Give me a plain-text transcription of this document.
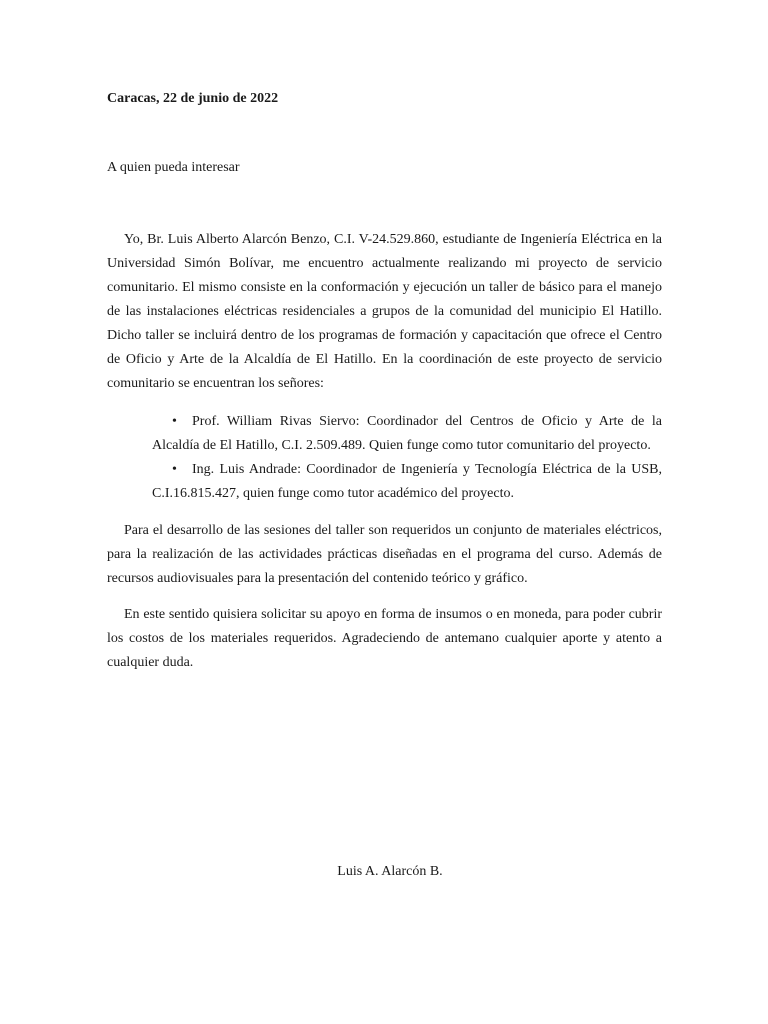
Caracas, 22 de junio de 2022
A quien pueda interesar

Yo, Br. Luis Alberto Alarcón Benzo, C.I. V-24.529.860, estudiante de Ingeniería Eléctrica en la Universidad Simón Bolívar, me encuentro actualmente realizando mi proyecto de servicio comunitario. El mismo consiste en la conformación y ejecución un taller de básico para el manejo de las instalaciones eléctricas residenciales a grupos de la comunidad del municipio El Hatillo. Dicho taller se incluirá dentro de los programas de formación y capacitación que ofrece el Centro de Oficio y Arte de la Alcaldía de El Hatillo. En la coordinación de este proyecto de servicio comunitario se encuentran los señores:

• Prof. William Rivas Siervo: Coordinador del Centros de Oficio y Arte de la Alcaldía de El Hatillo, C.I. 2.509.489. Quien funge como tutor comunitario del proyecto.
• Ing. Luis Andrade: Coordinador de Ingeniería y Tecnología Eléctrica de la USB, C.I.16.815.427, quien funge como tutor académico del proyecto.

Para el desarrollo de las sesiones del taller son requeridos un conjunto de materiales eléctricos, para la realización de las actividades prácticas diseñadas en el programa del curso. Además de recursos audiovisuales para la presentación del contenido teórico y gráfico.

En este sentido quisiera solicitar su apoyo en forma de insumos o en moneda, para poder cubrir los costos de los materiales requeridos. Agradeciendo de antemano cualquier aporte y atento a cualquier duda.

Luis A. Alarcón B.
